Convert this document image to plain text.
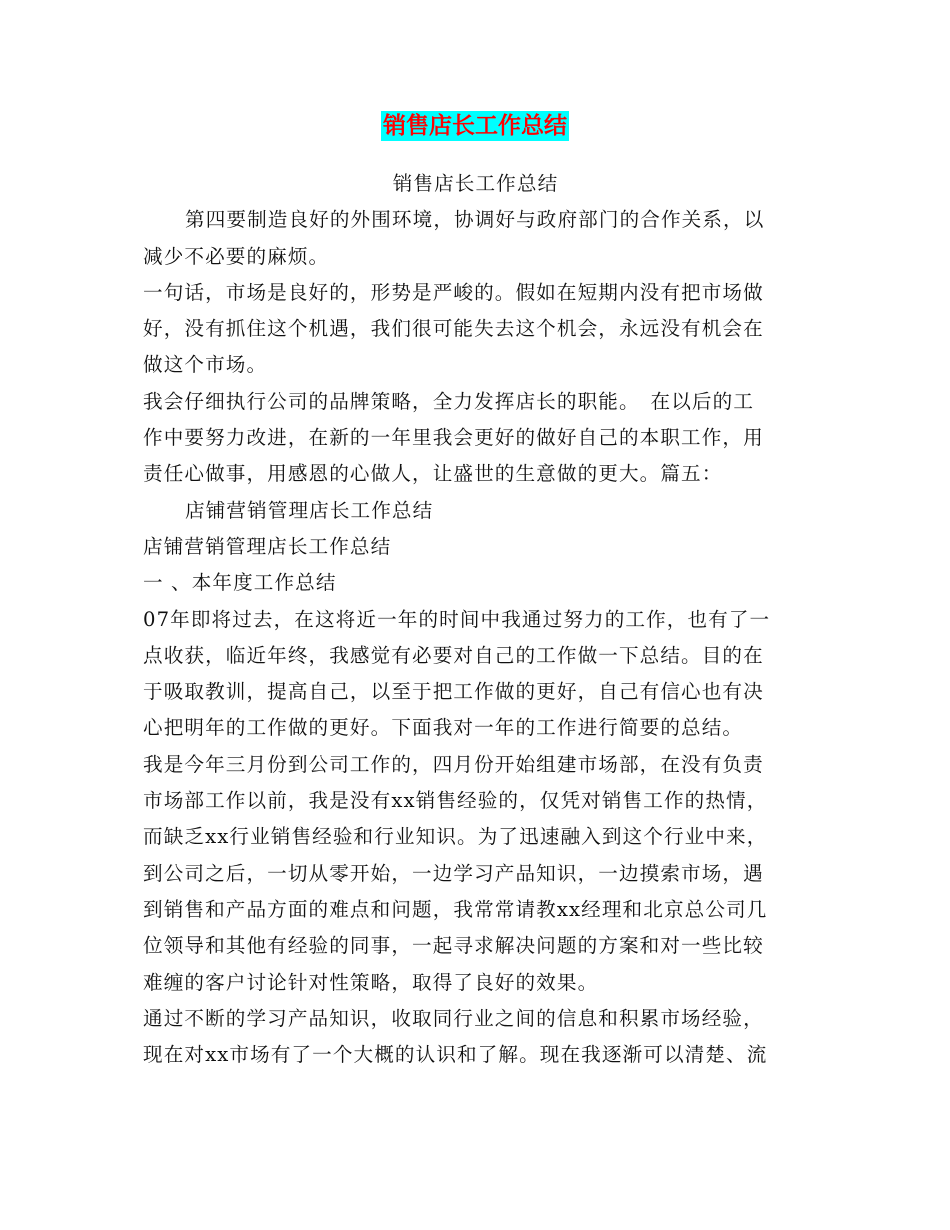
销售店长工作总结
销售店长工作总结
第四要制造良好的外围环境，协调好与政府部门的合作关系，以
减少不必要的麻烦。
一句话，市场是良好的，形势是严峻的。假如在短期内没有把市场做
好，没有抓住这个机遇，我们很可能失去这个机会，永远没有机会在
做这个市场。
我会仔细执行公司的品牌策略，全力发挥店长的职能。　在以后的工
作中要努力改进，在新的一年里我会更好的做好自己的本职工作，用
责任心做事，用感恩的心做人，让盛世的生意做的更大。篇五：
店铺营销管理店长工作总结
店铺营销管理店长工作总结
一 、本年度工作总结
07年即将过去，在这将近一年的时间中我通过努力的工作，也有了一
点收获，临近年终，我感觉有必要对自己的工作做一下总结。目的在
于吸取教训，提高自己，以至于把工作做的更好，自己有信心也有决
心把明年的工作做的更好。下面我对一年的工作进行简要的总结。
我是今年三月份到公司工作的，四月份开始组建市场部，在没有负责
市场部工作以前，我是没有xx销售经验的，仅凭对销售工作的热情，
而缺乏xx行业销售经验和行业知识。为了迅速融入到这个行业中来，
到公司之后，一切从零开始，一边学习产品知识，一边摸索市场，遇
到销售和产品方面的难点和问题，我常常请教xx经理和北京总公司几
位领导和其他有经验的同事，一起寻求解决问题的方案和对一些比较
难缠的客户讨论针对性策略，取得了良好的效果。
通过不断的学习产品知识，收取同行业之间的信息和积累市场经验，
现在对xx市场有了一个大概的认识和了解。现在我逐渐可以清楚、流
